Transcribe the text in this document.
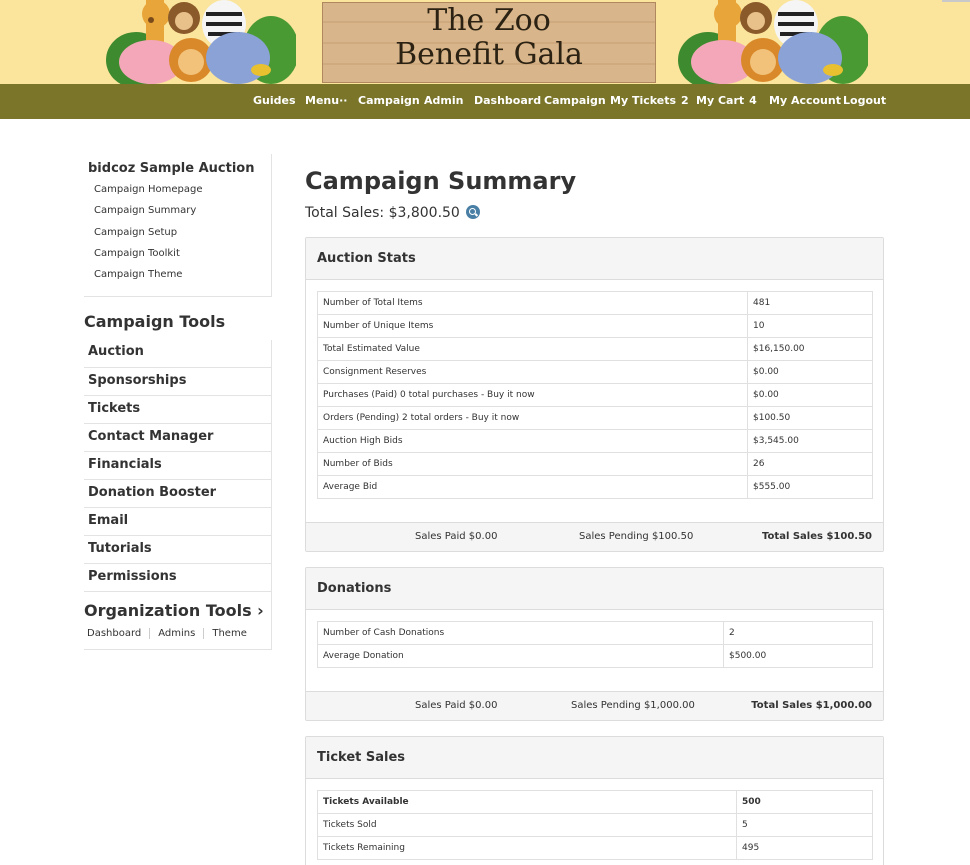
The Zoo
Benefit Gala
Guides Menu·· Campaign Admin Dashboard Campaign My Tickets 2 My Cart 4 My Account Logout
bidcoz Sample Auction
Campaign Homepage
Campaign Summary
Campaign Setup
Campaign Toolkit
Campaign Theme
Campaign Tools
Auction
Sponsorships
Tickets
Contact Manager
Financials
Donation Booster
Email
Tutorials
Permissions
Organization Tools ›
Dashboard	Admins	Theme
Campaign Summary
Total Sales: $3,800.50
Auction Stats
Number of Total Items	481
Number of Unique Items	10
Total Estimated Value	$16,150.00
Consignment Reserves	$0.00
Purchases (Paid) 0 total purchases - Buy it now	$0.00
Orders (Pending) 2 total orders - Buy it now	$100.50
Auction High Bids	$3,545.00
Number of Bids	26
Average Bid	$555.00
Sales Paid $0.00	Sales Pending $100.50	Total Sales $100.50
Donations
Number of Cash Donations	2
Average Donation	$500.00
Sales Paid $0.00	Sales Pending $1,000.00	Total Sales $1,000.00
Ticket Sales
Tickets Available	500
Tickets Sold	5
Tickets Remaining	495
